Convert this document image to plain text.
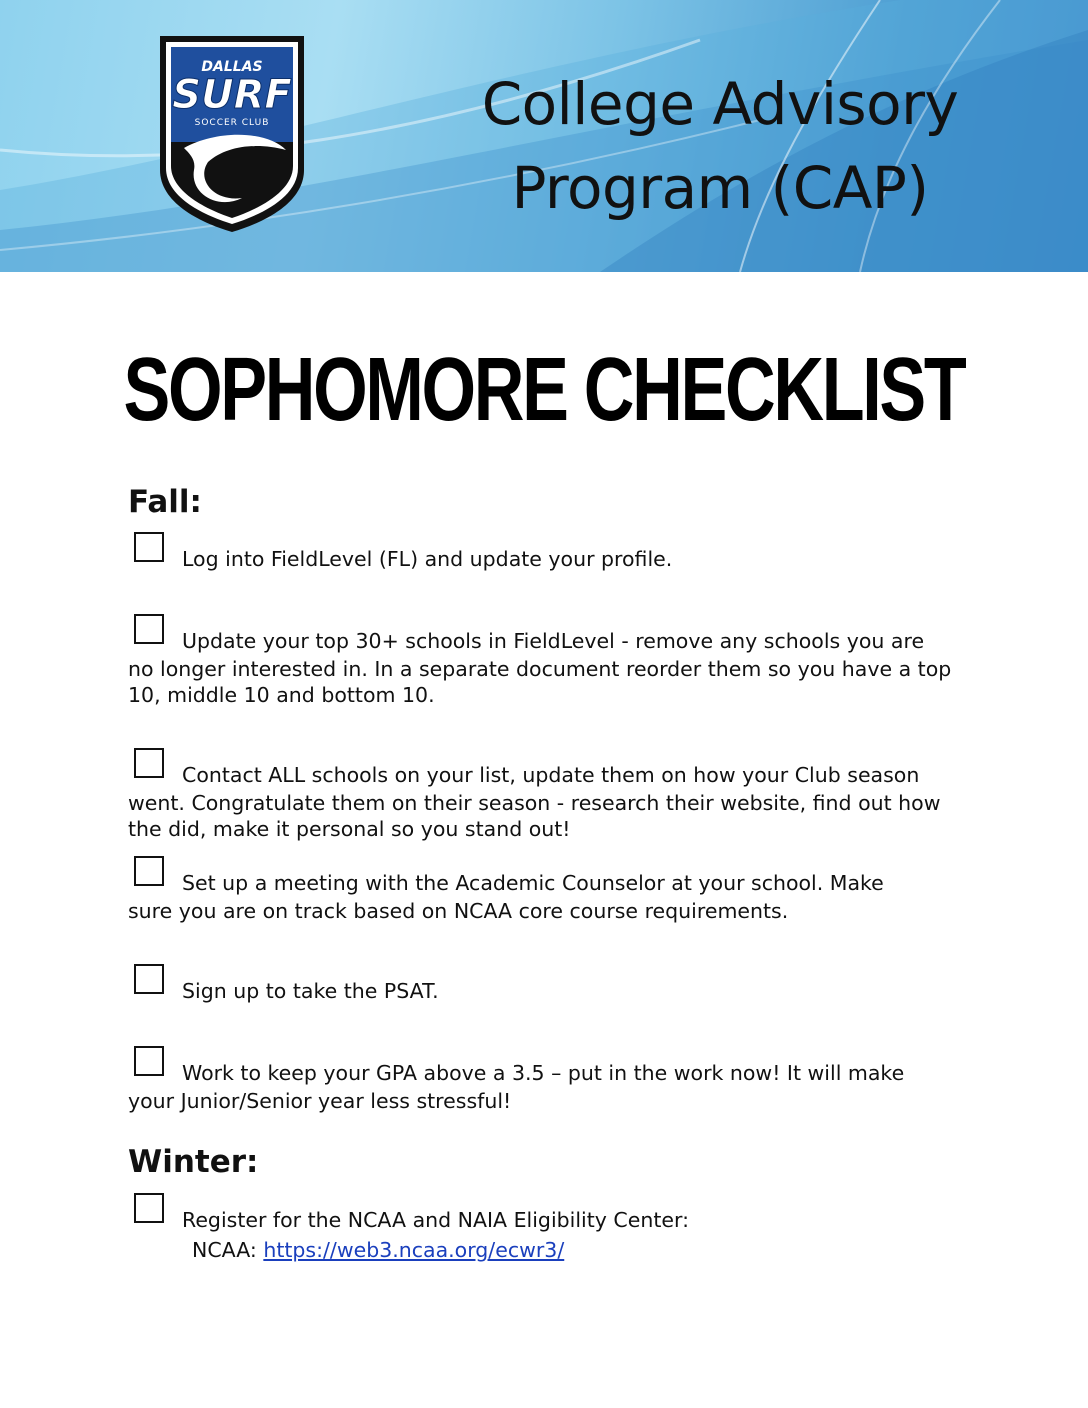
DALLAS
SURF
SOCCER CLUB	College Advisory
Program (CAP)
SOPHOMORE CHECKLIST
Fall:
Log into FieldLevel (FL) and update your profile.
Update your top 30+ schools in FieldLevel - remove any schools you are
no longer interested in. In a separate document reorder them so you have a top 10, middle 10 and bottom 10.
Contact ALL schools on your list, update them on how your Club season
went. Congratulate them on their season - research their website, find out how the did, make it personal so you stand out!
Set up a meeting with the Academic Counselor at your school. Make
sure you are on track based on NCAA core course requirements.
Sign up to take the PSAT.
Work to keep your GPA above a 3.5 – put in the work now! It will make
your Junior/Senior year less stressful!
Winter:
Register for the NCAA and NAIA Eligibility Center:
NCAA: https://web3.ncaa.org/ecwr3/
